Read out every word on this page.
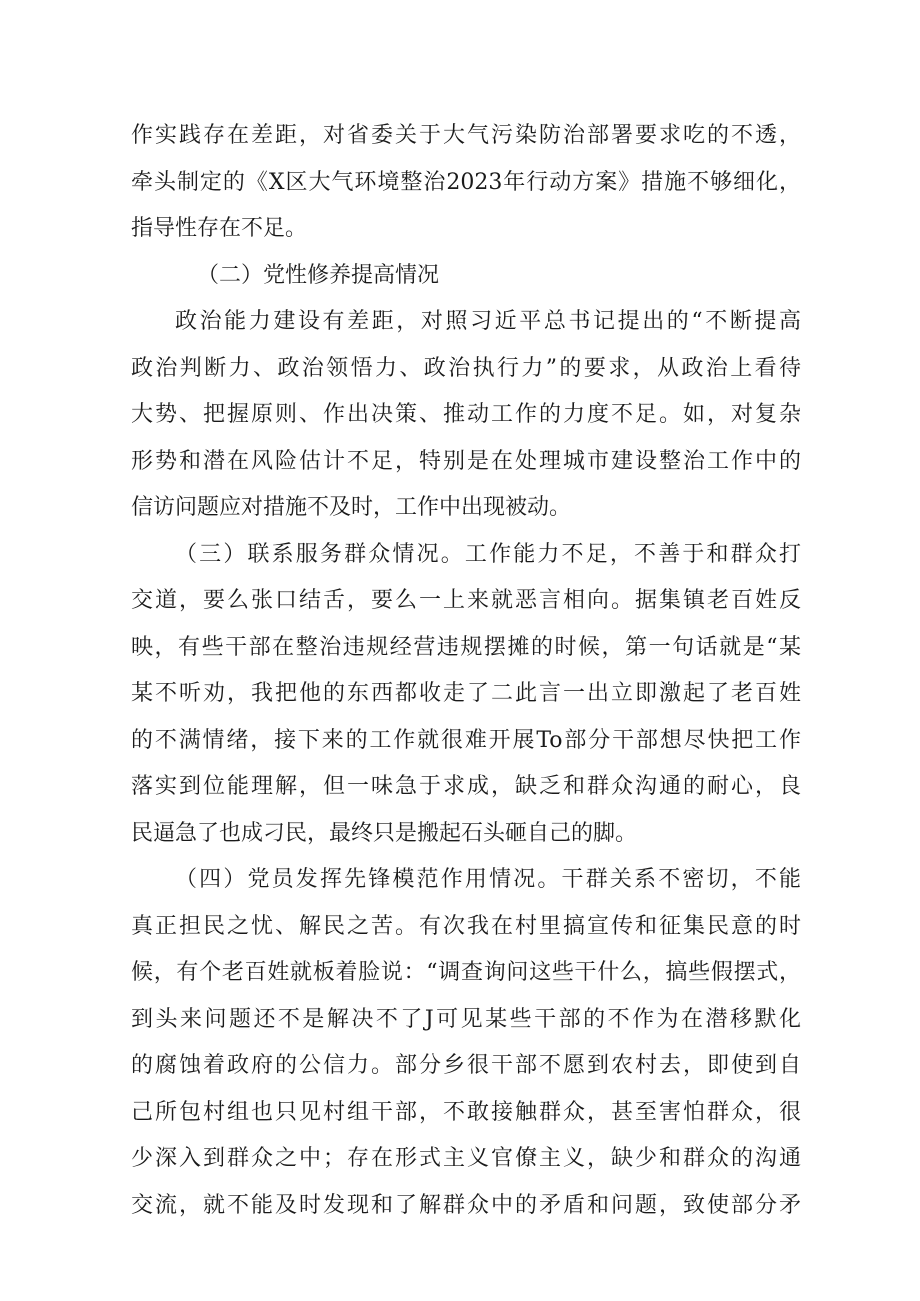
作实践存在差距，对省委关于大气污染防治部署要求吃的不透，
牵头制定的《X区大气环境整治2023年行动方案》措施不够细化，
指导性存在不足。
（二）党性修养提高情况
政治能力建设有差距，对照习近平总书记提出的“不断提高
政治判断力、政治领悟力、政治执行力”的要求，从政治上看待
大势、把握原则、作出决策、推动工作的力度不足。如，对复杂
形势和潜在风险估计不足，特别是在处理城市建设整治工作中的
信访问题应对措施不及时，工作中出现被动。
（三）联系服务群众情况。工作能力不足，不善于和群众打
交道，要么张口结舌，要么一上来就恶言相向。据集镇老百姓反
映，有些干部在整治违规经营违规摆摊的时候，第一句话就是“某
某不听劝，我把他的东西都收走了二此言一出立即激起了老百姓
的不满情绪，接下来的工作就很难开展To部分干部想尽快把工作
落实到位能理解，但一味急于求成，缺乏和群众沟通的耐心，良
民逼急了也成刁民，最终只是搬起石头砸自己的脚。
（四）党员发挥先锋模范作用情况。干群关系不密切，不能
真正担民之忧、解民之苦。有次我在村里搞宣传和征集民意的时
候，有个老百姓就板着脸说：“调查询问这些干什么，搞些假摆式，
到头来问题还不是解决不了J可见某些干部的不作为在潜移默化
的腐蚀着政府的公信力。部分乡很干部不愿到农村去，即使到自
己所包村组也只见村组干部，不敢接触群众，甚至害怕群众，很
少深入到群众之中；存在形式主义官僚主义，缺少和群众的沟通
交流，就不能及时发现和了解群众中的矛盾和问题，致使部分矛
